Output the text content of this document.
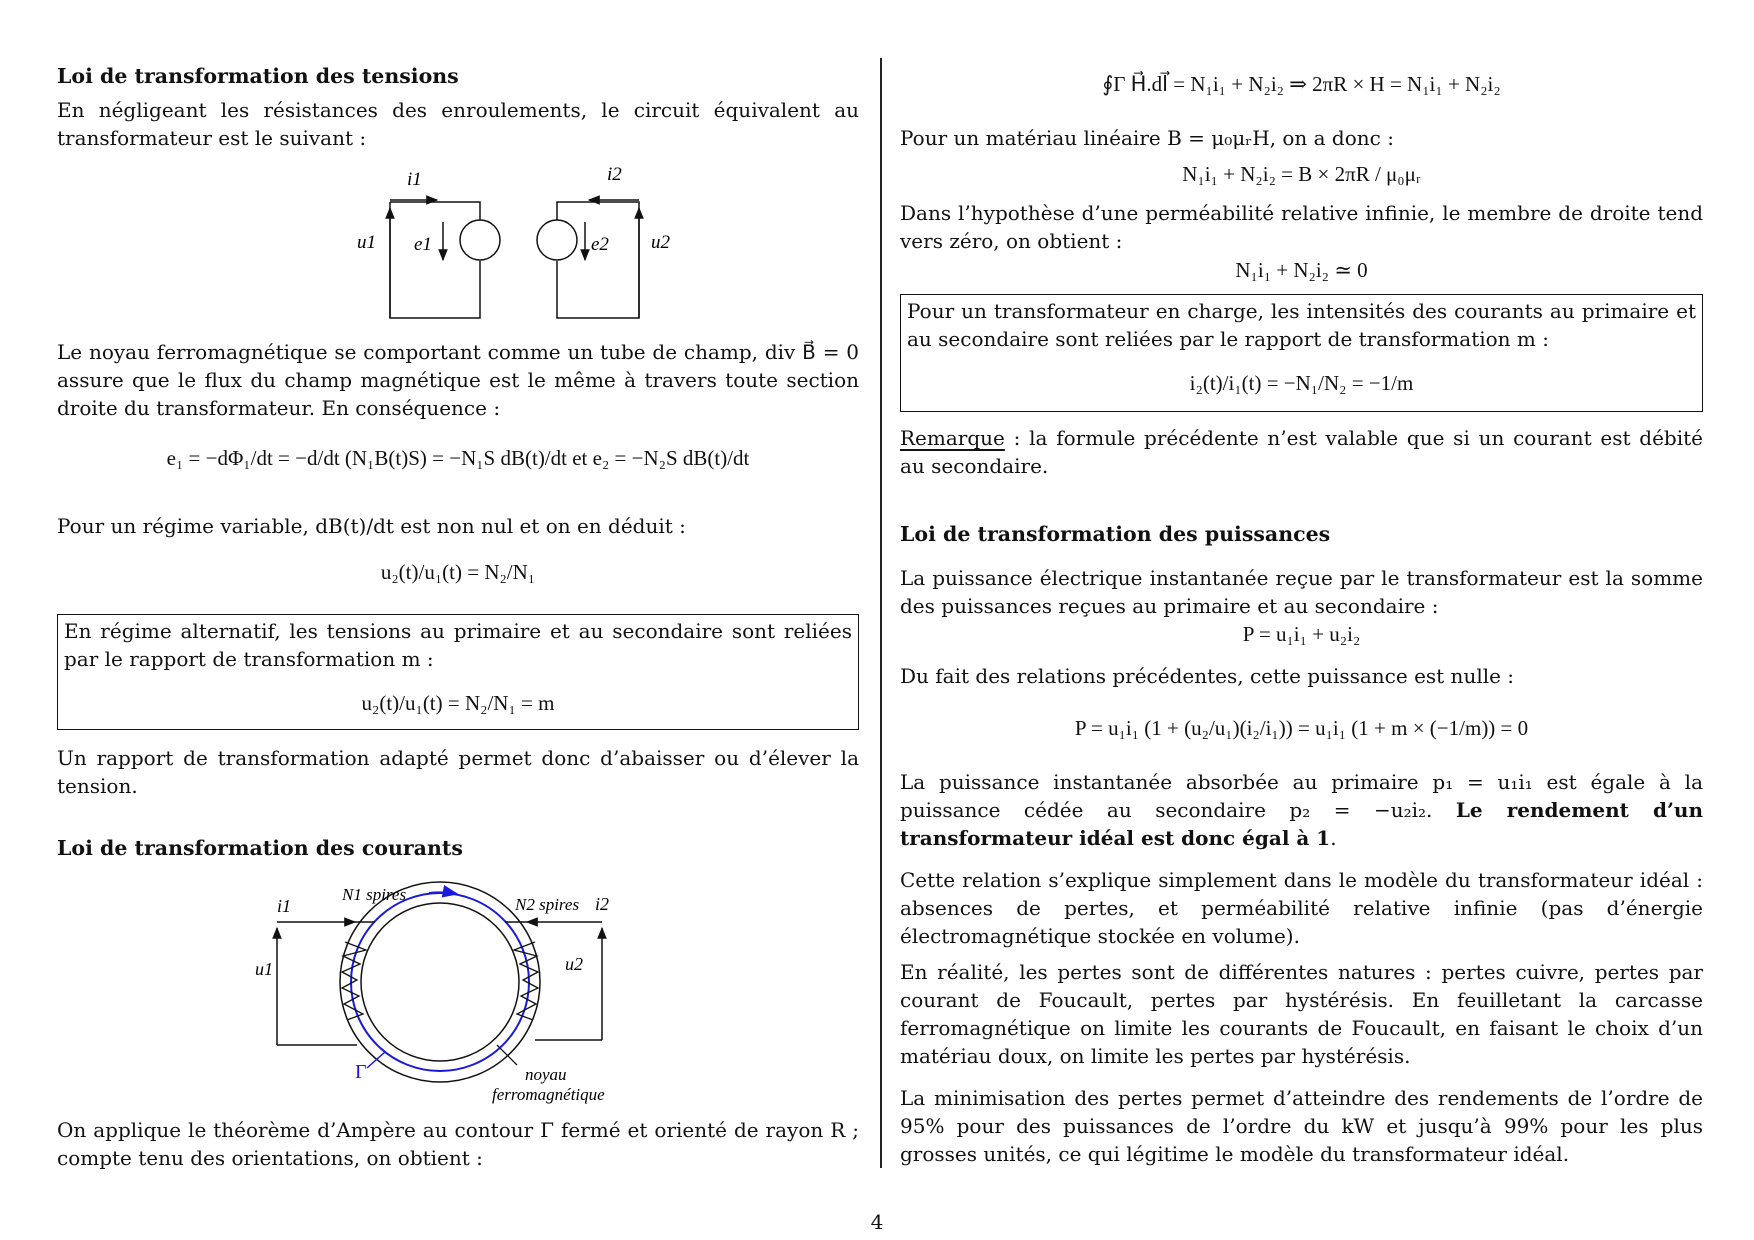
Loi de transformation des tensions
En négligeant les résistances des enroulements, le circuit équivalent au transformateur est le suivant :
i1	i2
u1	u2
e1	e2
Le noyau ferromagnétique se comportant comme un tube de champ, div B⃗ = 0 assure que le flux du champ magnétique est le même à travers toute section droite du transformateur. En conséquence :
e₁ = −dΦ₁/dt = −d/dt (N₁B(t)S) = −N₁S dB(t)/dt et e₂ = −N₂S dB(t)/dt
Pour un régime variable, dB(t)/dt est non nul et on en déduit :
u₂(t)/u₁(t) = N₂/N₁
En régime alternatif, les tensions au primaire et au secondaire sont reliées par le rapport de transformation m :
u₂(t)/u₁(t) = N₂/N₁ = m
Un rapport de transformation adapté permet donc d’abaisser ou d’élever la tension.
Loi de transformation des courants
N1 spires
N2 spires
i1	i2
u1	u2
Γ	noyau
ferromagnétique
On applique le théorème d’Ampère au contour Γ fermé et orienté de rayon R ; compte tenu des orientations, on obtient :
∮Γ H⃗.dl⃗ = N₁i₁ + N₂i₂ ⇒ 2πR × H = N₁i₁ + N₂i₂
Pour un matériau linéaire B = μ₀μᵣH, on a donc :
N₁i₁ + N₂i₂ = B × 2πR / μ₀μᵣ
Dans l’hypothèse d’une perméabilité relative infinie, le membre de droite tend vers zéro, on obtient :
N₁i₁ + N₂i₂ ≃ 0
Pour un transformateur en charge, les intensités des courants au primaire et au secondaire sont reliées par le rapport de transformation m :
i₂(t)/i₁(t) = −N₁/N₂ = −1/m
Remarque : la formule précédente n’est valable que si un courant est débité au secondaire.
Loi de transformation des puissances
La puissance électrique instantanée reçue par le transformateur est la somme des puissances reçues au primaire et au secondaire :
P = u₁i₁ + u₂i₂
Du fait des relations précédentes, cette puissance est nulle :
P = u₁i₁ (1 + (u₂/u₁)(i₂/i₁)) = u₁i₁ (1 + m × (−1/m)) = 0
La puissance instantanée absorbée au primaire p₁ = u₁i₁ est égale à la puissance cédée au secondaire p₂ = −u₂i₂. Le rendement d’un transformateur idéal est donc égal à 1.
Cette relation s’explique simplement dans le modèle du transformateur idéal : absences de pertes, et perméabilité relative infinie (pas d’énergie électromagnétique stockée en volume).
En réalité, les pertes sont de différentes natures : pertes cuivre, pertes par courant de Foucault, pertes par hystérésis. En feuilletant la carcasse ferromagnétique on limite les courants de Foucault, en faisant le choix d’un matériau doux, on limite les pertes par hystérésis.
La minimisation des pertes permet d’atteindre des rendements de l’ordre de 95% pour des puissances de l’ordre du kW et jusqu’à 99% pour les plus grosses unités, ce qui légitime le modèle du transformateur idéal.
4
